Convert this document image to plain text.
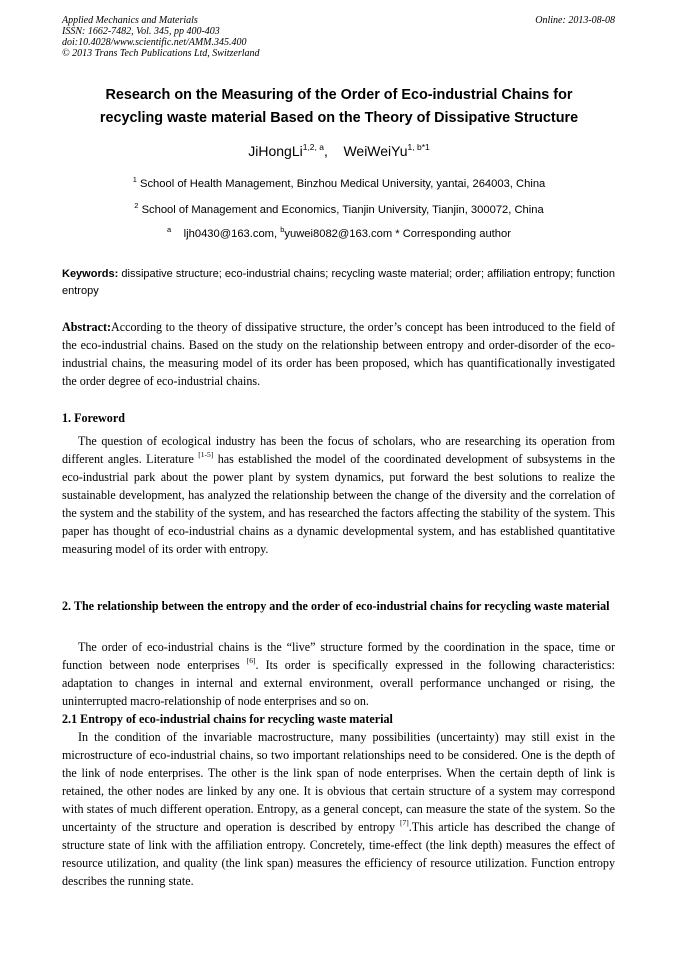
Applied Mechanics and Materials
ISSN: 1662-7482, Vol. 345, pp 400-403
doi:10.4028/www.scientific.net/AMM.345.400
© 2013 Trans Tech Publications Ltd, Switzerland
Online: 2013-08-08
Research on the Measuring of the Order of Eco-industrial Chains for
recycling waste material Based on the Theory of Dissipative Structure
JiHongLi$^{1,2, a}$, WeiWeiYu$^{1, b*1}$
$^1$ School of Health Management, Binzhou Medical University, yantai, 264003, China
$^2$ School of Management and Economics, Tianjin University, Tianjin, 300072, China
$^a$ ljh0430@163.com, $^b$yuwei8082@163.com * Corresponding author
Keywords: dissipative structure; eco-industrial chains; recycling waste material; order; affiliation entropy; function entropy

Abstract:According to the theory of dissipative structure, the order’s concept has been introduced to the field of the eco-industrial chains. Based on the study on the relationship between entropy and order-disorder of the eco-industrial chains, the measuring model of its order has been proposed, which has quantificationally investigated the order degree of eco-industrial chains.

1. Foreword

The question of ecological industry has been the focus of scholars, who are researching its operation from different angles. Literature [1-5] has established the model of the coordinated development of subsystems in the eco-industrial park about the power plant by system dynamics, put forward the best solutions to realize the sustainable development, has analyzed the relationship between the change of the diversity and the correlation of the system and the stability of the system, and has researched the factors affecting the stability of the system. This paper has thought of eco-industrial chains as a dynamic developmental system, and has established quantitative measuring model of its order with entropy.

2. The relationship between the entropy and the order of eco-industrial chains for recycling waste material

The order of eco-industrial chains is the “live” structure formed by the coordination in the space, time or function between node enterprises [6]. Its order is specifically expressed in the following characteristics: adaptation to changes in internal and external environment, overall performance unchanged or rising, the uninterrupted macro-relationship of node enterprises and so on.

2.1 Entropy of eco-industrial chains for recycling waste material

In the condition of the invariable macrostructure, many possibilities (uncertainty) may still exist in the microstructure of eco-industrial chains, so two important relationships need to be considered. One is the depth of the link of node enterprises. The other is the link span of node enterprises. When the certain depth of link is retained, the other nodes are linked by any one. It is obvious that certain structure of a system may correspond with states of much different operation. Entropy, as a general concept, can measure the state of the system. So the uncertainty of the structure and operation is described by entropy [7].This article has described the change of structure state of link with the affiliation entropy. Concretely, time-effect (the link depth) measures the effect of resource utilization, and quality (the link span) measures the efficiency of resource utilization. Function entropy describes the running state.
